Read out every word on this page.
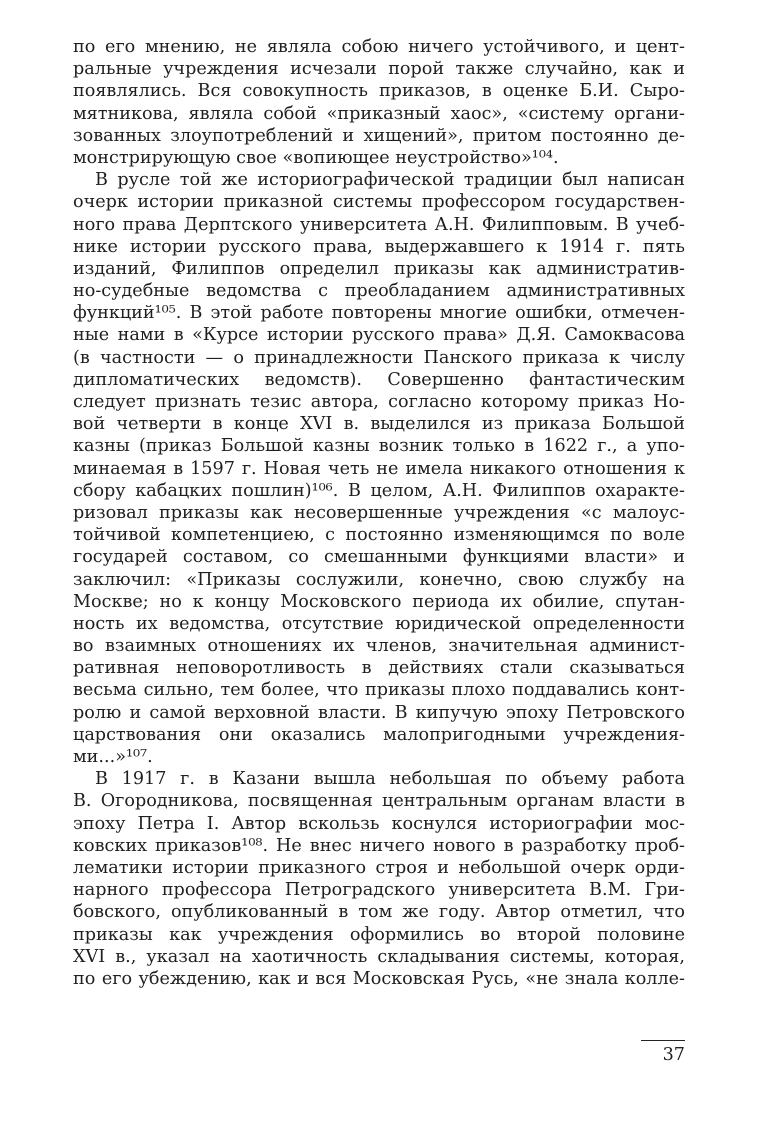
по его мнению, не являла собою ничего устойчивого, и цент-
ральные учреждения исчезали порой также случайно, как и
появлялись. Вся совокупность приказов, в оценке Б.И. Сыро-
мятникова, являла собой «приказный хаос», «систему органи-
зованных злоупотреблений и хищений», притом постоянно де-
монстрирующую свое «вопиющее неустройство»¹⁰⁴.
В русле той же историографической традиции был написан
очерк истории приказной системы профессором государствен-
ного права Дерптского университета А.Н. Филипповым. В учеб-
нике истории русского права, выдержавшего к 1914 г. пять
изданий, Филиппов определил приказы как административ-
но-судебные ведомства с преобладанием административных
функций¹⁰⁵. В этой работе повторены многие ошибки, отмечен-
ные нами в «Курсе истории русского права» Д.Я. Самоквасова
(в частности — о принадлежности Панского приказа к числу
дипломатических ведомств). Совершенно фантастическим
следует признать тезис автора, согласно которому приказ Но-
вой четверти в конце XVI в. выделился из приказа Большой
казны (приказ Большой казны возник только в 1622 г., а упо-
минаемая в 1597 г. Новая четь не имела никакого отношения к
сбору кабацких пошлин)¹⁰⁶. В целом, А.Н. Филиппов охаракте-
ризовал приказы как несовершенные учреждения «с малоус-
тойчивой компетенциею, с постоянно изменяющимся по воле
государей составом, со смешанными функциями власти» и
заключил: «Приказы сослужили, конечно, свою службу на
Москве; но к концу Московского периода их обилие, спутан-
ность их ведомства, отсутствие юридической определенности
во взаимных отношениях их членов, значительная админист-
ративная неповоротливость в действиях стали сказываться
весьма сильно, тем более, что приказы плохо поддавались конт-
ролю и самой верховной власти. В кипучую эпоху Петровского
царствования они оказались малопригодными учреждения-
ми...»¹⁰⁷.
В 1917 г. в Казани вышла небольшая по объему работа
В. Огородникова, посвященная центральным органам власти в
эпоху Петра I. Автор вскользь коснулся историографии мос-
ковских приказов¹⁰⁸. Не внес ничего нового в разработку проб-
лематики истории приказного строя и небольшой очерк орди-
нарного профессора Петроградского университета В.М. Гри-
бовского, опубликованный в том же году. Автор отметил, что
приказы как учреждения оформились во второй половине
XVI в., указал на хаотичность складывания системы, которая,
по его убеждению, как и вся Московская Русь, «не знала колле-
37
